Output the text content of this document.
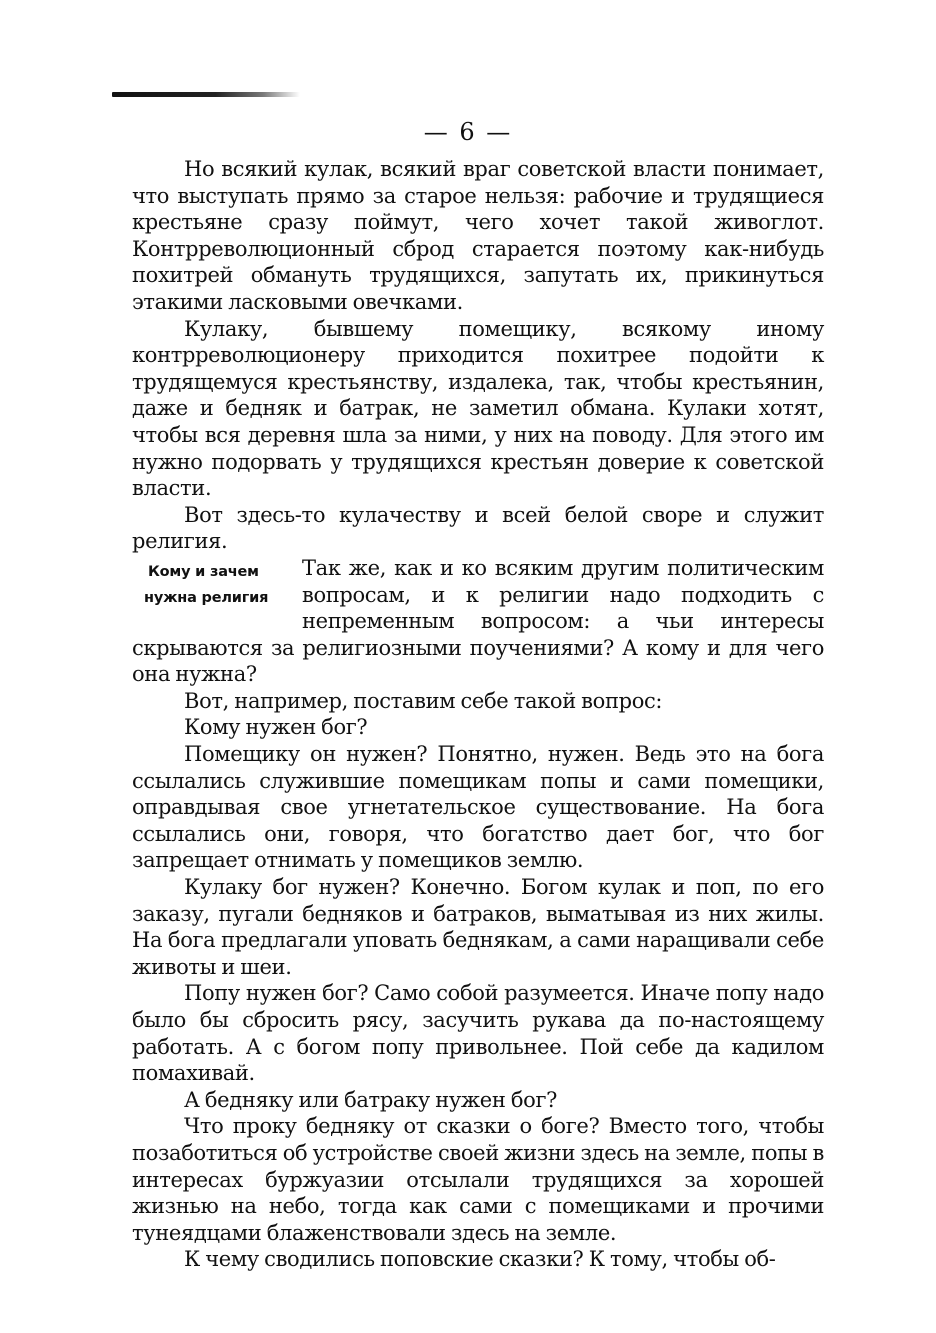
— 6 —

Но всякий кулак, всякий враг советской власти понимает, что выступать прямо за старое нельзя: рабочие и трудящиеся крестьяне сразу поймут, чего хочет такой живоглот. Контрреволюционный сброд старается поэтому как-нибудь похитрей обмануть трудящихся, запутать их, прикинуться этакими ласковыми овечками.

Кулаку, бывшему помещику, всякому иному контрреволюционеру приходится похитрее подойти к трудящемуся крестьянству, издалека, так, чтобы крестьянин, даже и бедняк и батрак, не заметил обмана. Кулаки хотят, чтобы вся деревня шла за ними, у них на поводу. Для этого им нужно подорвать у трудящихся крестьян доверие к советской власти.

Вот здесь-то кулачеству и всей белой своре и служит религия.

Кому и зачем
нужна религия

Так же, как и ко всяким другим политическим вопросам, и к религии надо подходить с непременным вопросом: а чьи интересы скрываются за религиозными поучениями? А кому и для чего она нужна?

Вот, например, поставим себе такой вопрос:

Кому нужен бог?

Помещику он нужен? Понятно, нужен. Ведь это на бога ссылались служившие помещикам попы и сами помещики, оправдывая свое угнетательское существование. На бога ссылались они, говоря, что богатство дает бог, что бог запрещает отнимать у помещиков землю.

Кулаку бог нужен? Конечно. Богом кулак и поп, по его заказу, пугали бедняков и батраков, выматывая из них жилы. На бога предлагали уповать беднякам, а сами наращивали себе животы и шеи.

Попу нужен бог? Само собой разумеется. Иначе попу надо было бы сбросить рясу, засучить рукава да по-настоящему работать. А с богом попу привольнее. Пой себе да кадилом помахивай.

А бедняку или батраку нужен бог?

Что проку бедняку от сказки о боге? Вместо того, чтобы позаботиться об устройстве своей жизни здесь на земле, попы в интересах буржуазии отсылали трудящихся за хорошей жизнью на небо, тогда как сами с помещиками и прочими тунеядцами блаженствовали здесь на земле.

К чему сводились поповские сказки? К тому, чтобы об-
